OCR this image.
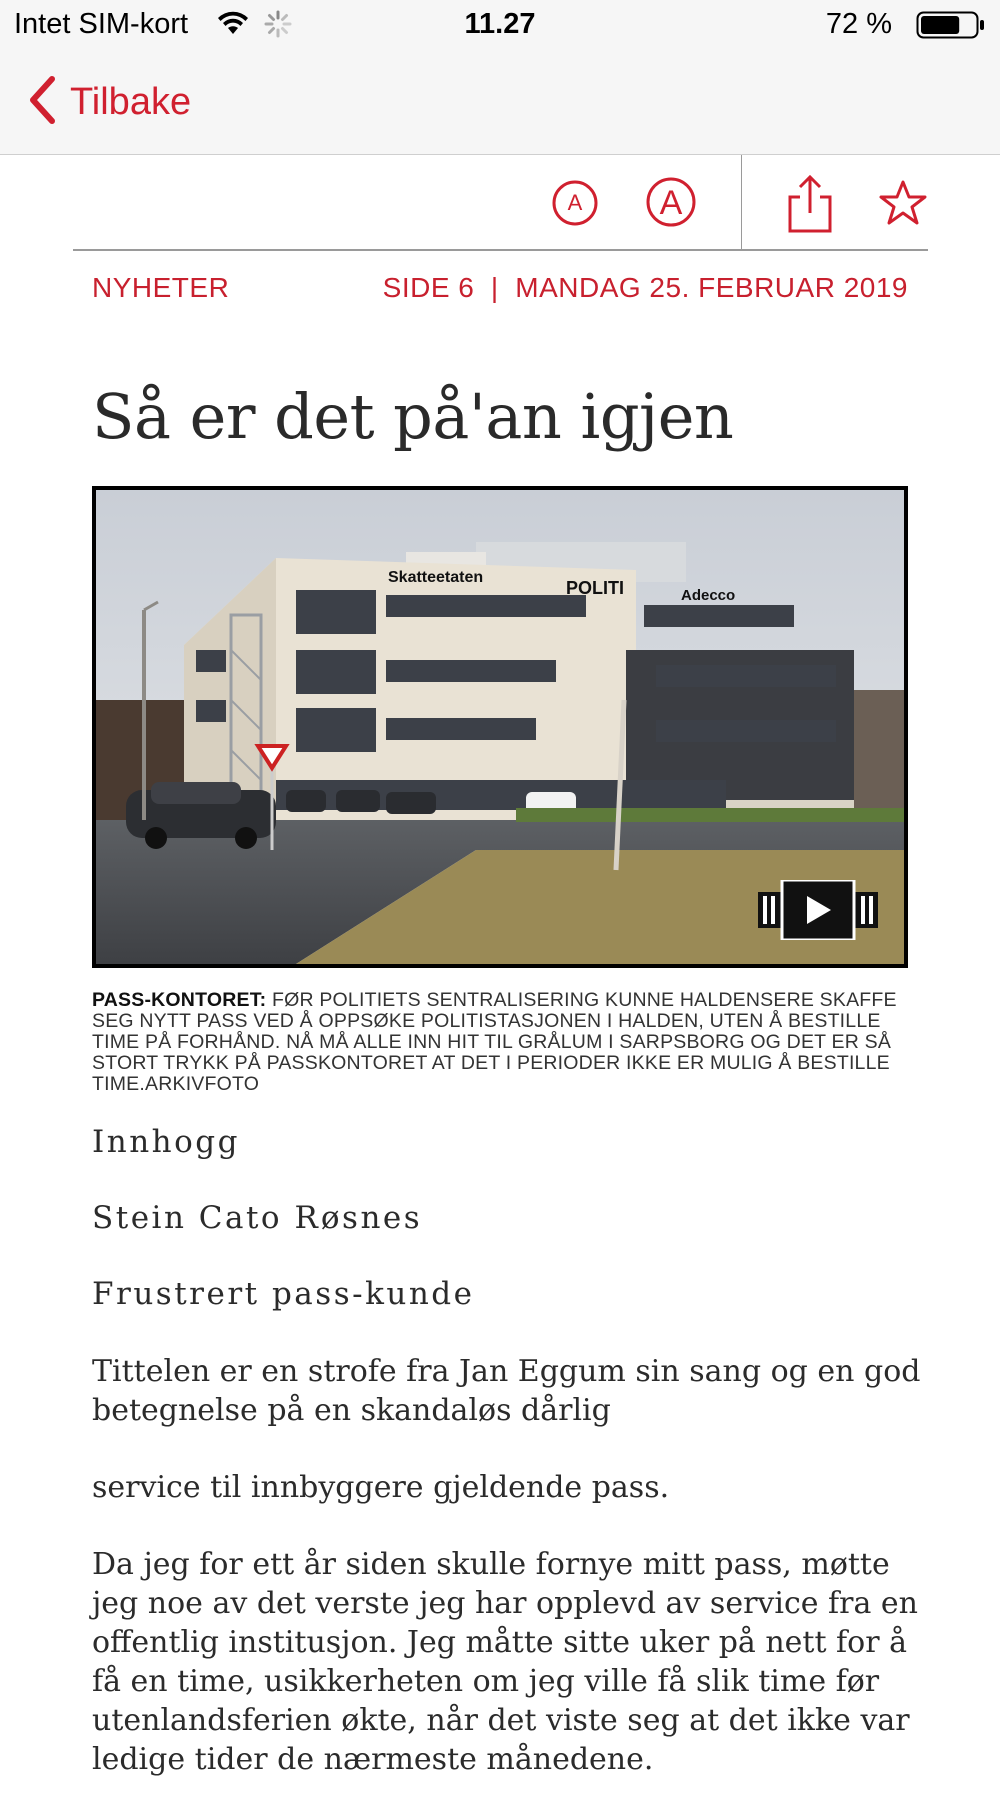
Intet SIM-kort	11.27	72 %
Tilbake
A A
NYHETER	SIDE 6  |  MANDAG 25. FEBRUAR 2019
Så er det på'an igjen
Skatteetaten
POLITI	Adecco
PASS-KONTORET: FØR POLITIETS SENTRALISERING KUNNE HALDENSERE SKAFFE SEG NYTT PASS VED Å OPPSØKE POLITISTASJONEN I HALDEN, UTEN Å BESTILLE TIME PÅ FORHÅND. NÅ MÅ ALLE INN HIT TIL GRÅLUM I SARPSBORG OG DET ER SÅ STORT TRYKK PÅ PASSKONTORET AT DET I PERIODER IKKE ER MULIG Å BESTILLE TIME.ARKIVFOTO

Innhogg

Stein Cato Røsnes

Frustrert pass-kunde

Tittelen er en strofe fra Jan Eggum sin sang og en god betegnelse på en skandaløs dårlig

service til innbyggere gjeldende pass.

Da jeg for ett år siden skulle fornye mitt pass, møtte jeg noe av det verste jeg har opplevd av service fra en offentlig institusjon. Jeg måtte sitte uker på nett for å få en time, usikkerheten om jeg ville få slik time før utenlandsferien økte, når det viste seg at det ikke var ledige tider de nærmeste månedene.
